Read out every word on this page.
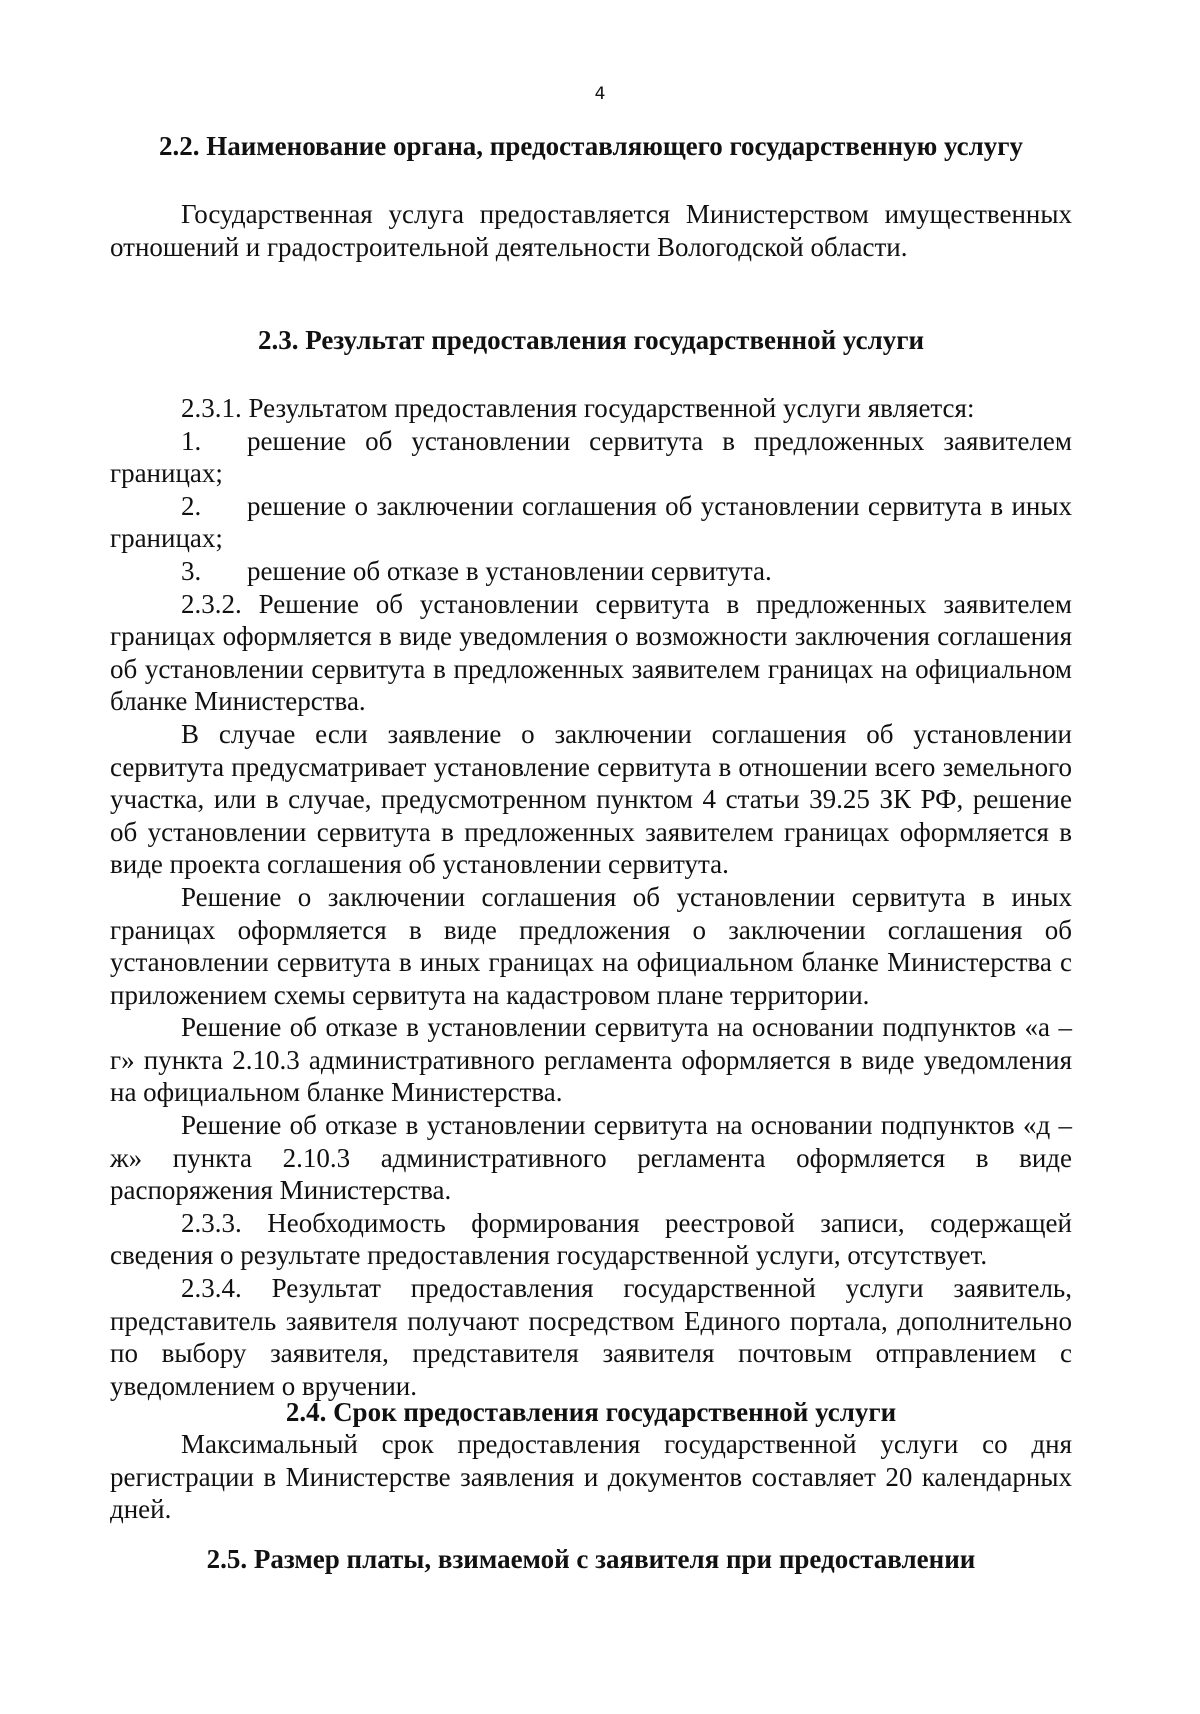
4
2.2. Наименование органа, предоставляющего государственную услугу

Государственная услуга предоставляется Министерством имущественных отношений и градостроительной деятельности Вологодской области.

2.3. Результат предоставления государственной услуги

2.3.1. Результатом предоставления государственной услуги является:

1. решение об установлении сервитута в предложенных заявителем границах;
2. решение о заключении соглашения об установлении сервитута в иных границах;
3. решение об отказе в установлении сервитута.

2.3.2. Решение об установлении сервитута в предложенных заявителем границах оформляется в виде уведомления о возможности заключения соглашения об установлении сервитута в предложенных заявителем границах на официальном бланке Министерства.

В случае если заявление о заключении соглашения об установлении сервитута предусматривает установление сервитута в отношении всего земельного участка, или в случае, предусмотренном пунктом 4 статьи 39.25 ЗК РФ, решение об установлении сервитута в предложенных заявителем границах оформляется в виде проекта соглашения об установлении сервитута.

Решение о заключении соглашения об установлении сервитута в иных границах оформляется в виде предложения о заключении соглашения об установлении сервитута в иных границах на официальном бланке Министерства с приложением схемы сервитута на кадастровом плане территории.

Решение об отказе в установлении сервитута на основании подпунктов «а – г» пункта 2.10.3 административного регламента оформляется в виде уведомления на официальном бланке Министерства.

Решение об отказе в установлении сервитута на основании подпунктов «д – ж» пункта 2.10.3 административного регламента оформляется в виде распоряжения Министерства.

2.3.3. Необходимость формирования реестровой записи, содержащей сведения о результате предоставления государственной услуги, отсутствует.

2.3.4. Результат предоставления государственной услуги заявитель, представитель заявителя получают посредством Единого портала, дополнительно по выбору заявителя, представителя заявителя почтовым отправлением с уведомлением о вручении.

2.4. Срок предоставления государственной услуги

Максимальный срок предоставления государственной услуги со дня регистрации в Министерстве заявления и документов составляет 20 календарных дней.

2.5. Размер платы, взимаемой с заявителя при предоставлении
